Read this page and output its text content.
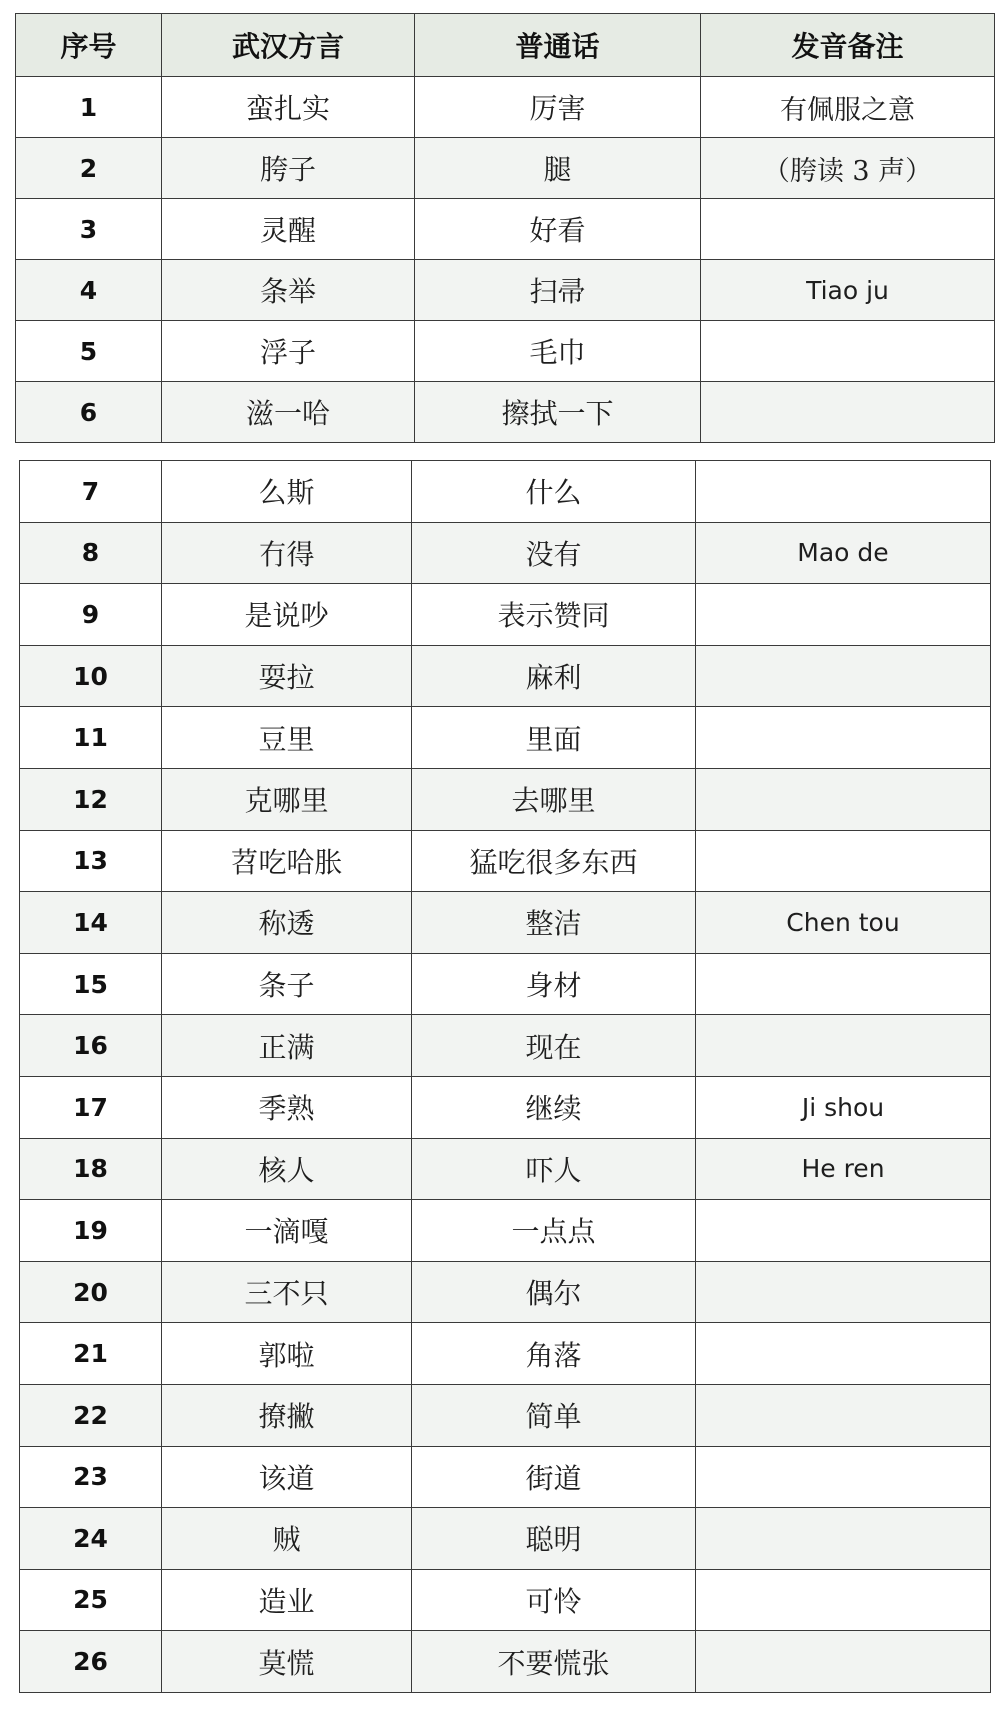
序号	武汉方言	普通话	发音备注
1	蛮扎实	厉害	有佩服之意
2	胯子	腿	（胯读 3 声）
3	灵醒	好看	
4	条举	扫帚	Tiao ju
5	浮子	毛巾	
6	滋一哈	擦拭一下	
7	么斯	什么	
8	冇得	没有	Mao de
9	是说吵	表示赞同	
10	耍拉	麻利	
11	豆里	里面	
12	克哪里	去哪里	
13	苕吃哈胀	猛吃很多东西	
14	称透	整洁	Chen tou
15	条子	身材	
16	正满	现在	
17	季熟	继续	Ji shou
18	核人	吓人	He ren
19	一滴嘎	一点点	
20	三不只	偶尔	
21	郭啦	角落	
22	撩撇	简单	
23	该道	街道	
24	贼	聪明	
25	造业	可怜	
26	莫慌	不要慌张	
